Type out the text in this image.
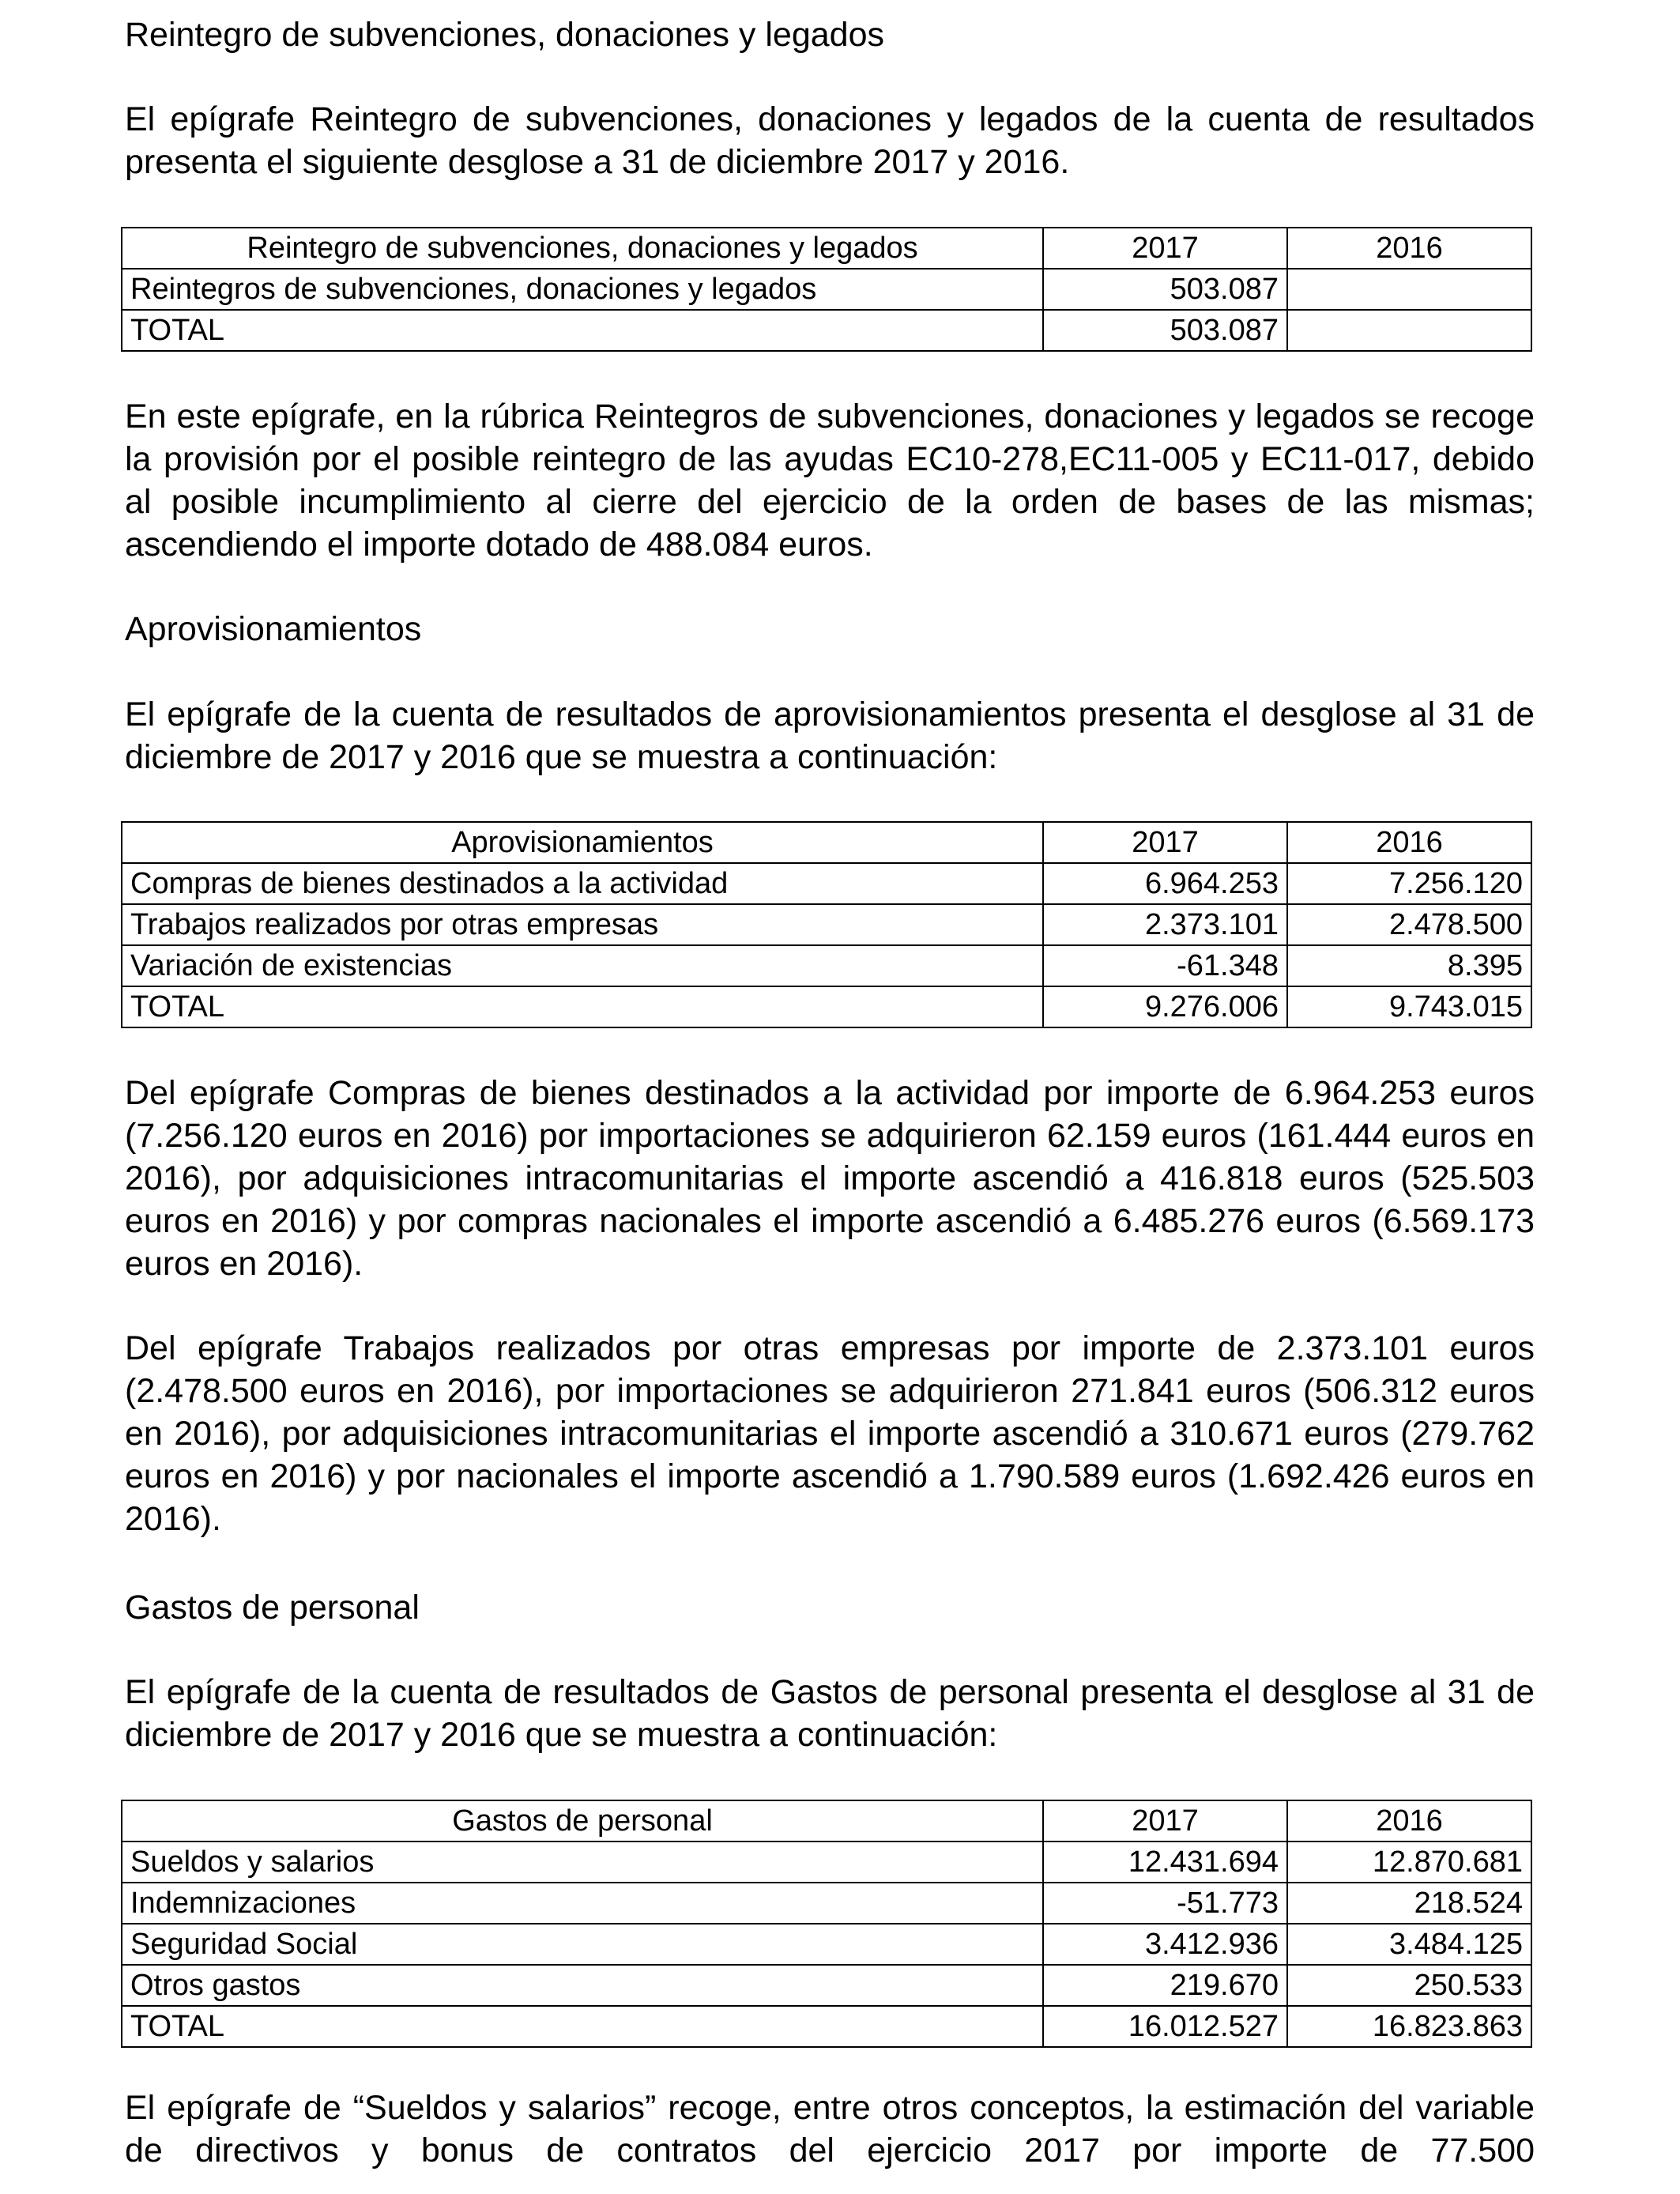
Reintegro de subvenciones, donaciones y legados
El epígrafe Reintegro de subvenciones, donaciones y legados de la cuenta de resultados presenta el siguiente desglose a 31 de diciembre 2017 y 2016.
Reintegro de subvenciones, donaciones y legados	2017	2016
Reintegros de subvenciones, donaciones y legados	503.087	
TOTAL	503.087	
En este epígrafe, en la rúbrica Reintegros de subvenciones, donaciones y legados se recoge la provisión por el posible reintegro de las ayudas EC10-278,EC11-005 y EC11-017, debido al posible incumplimiento al cierre del ejercicio de la orden de bases de las mismas; ascendiendo el importe dotado de 488.084 euros.
Aprovisionamientos
El epígrafe de la cuenta de resultados de aprovisionamientos presenta el desglose al 31 de diciembre de 2017 y 2016 que se muestra a continuación:
Aprovisionamientos	2017	2016
Compras de bienes destinados a la actividad	6.964.253	7.256.120
Trabajos realizados por otras empresas	2.373.101	2.478.500
Variación de existencias	-61.348	8.395
TOTAL	9.276.006	9.743.015
Del epígrafe Compras de bienes destinados a la actividad por importe de 6.964.253 euros (7.256.120 euros en 2016) por importaciones se adquirieron 62.159 euros (161.444 euros en 2016), por adquisiciones intracomunitarias el importe ascendió a 416.818 euros (525.503 euros en 2016) y por compras nacionales el importe ascendió a 6.485.276 euros (6.569.173 euros en 2016).
Del epígrafe Trabajos realizados por otras empresas por importe de 2.373.101 euros (2.478.500 euros en 2016), por importaciones se adquirieron 271.841 euros (506.312 euros en 2016), por adquisiciones intracomunitarias el importe ascendió a 310.671 euros (279.762 euros en 2016) y por nacionales el importe ascendió a 1.790.589 euros (1.692.426 euros en 2016).
Gastos de personal
El epígrafe de la cuenta de resultados de Gastos de personal presenta el desglose al 31 de diciembre de 2017 y 2016 que se muestra a continuación:
Gastos de personal	2017	2016
Sueldos y salarios	12.431.694	12.870.681
Indemnizaciones	-51.773	218.524
Seguridad Social	3.412.936	3.484.125
Otros gastos	219.670	250.533
TOTAL	16.012.527	16.823.863
El epígrafe de “Sueldos y salarios” recoge, entre otros conceptos, la estimación del variable de directivos y bonus de contratos del ejercicio 2017 por importe de 77.500
